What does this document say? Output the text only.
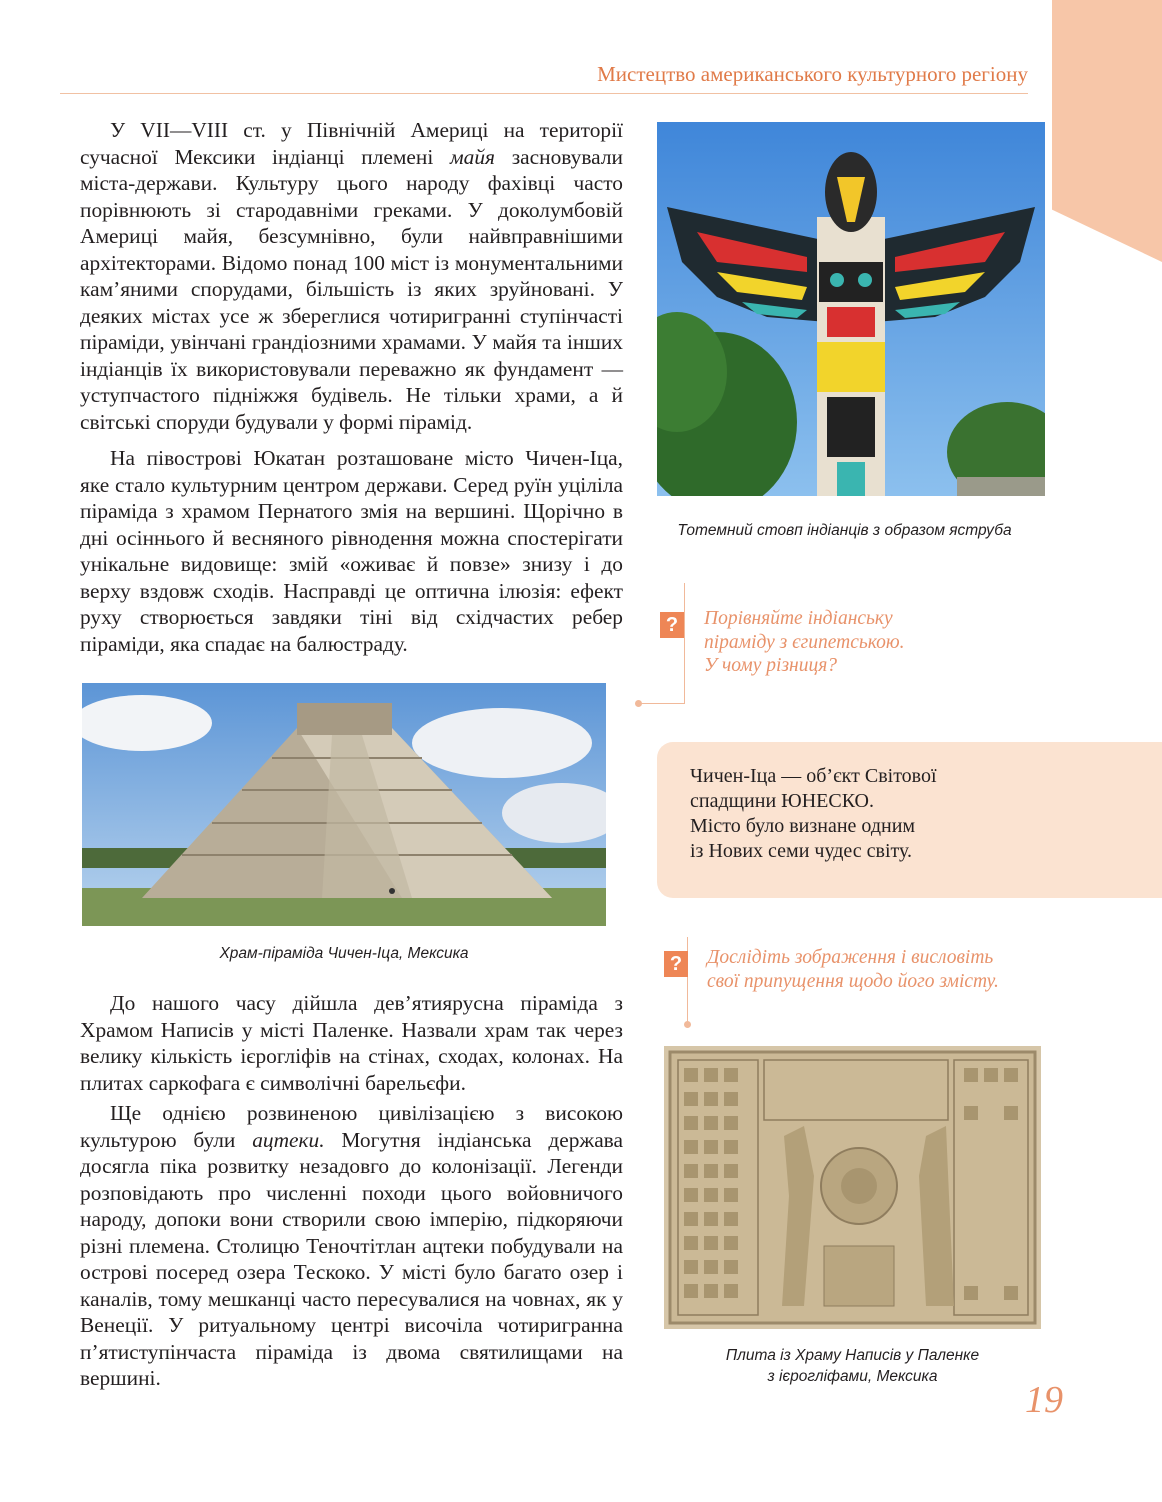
Мистецтво американського культурного регіону

У VII—VIII ст. у Північній Америці на території сучасної Мексики індіанці племені майя засновували міста-держави. Культуру цього народу фахівці часто порівнюють зі стародавніми греками. У доколумбовій Америці майя, безсумнівно, були найвправнішими архітекторами. Відомо понад 100 міст із монументальними кам’яними спорудами, більшість із яких зруйновані. У деяких містах усе ж збереглися чотиригранні ступінчасті піраміди, увінчані грандіозними храмами. У майя та інших індіанців їх використовували переважно як фундамент — уступчастого підніжжя будівель. Не тільки храми, а й світські споруди будували у формі пірамід.

На півострові Юкатан розташоване місто Чичен-Іца, яке стало культурним центром держави. Серед руїн уціліла піраміда з храмом Пернатого змія на вершині. Щорічно в дні осіннього й весняного рівнодення можна спостерігати унікальне видовище: змій «оживає й повзе» знизу і до верху вздовж сходів. Насправді це оптична ілюзія: ефект руху створюється завдяки тіні від східчастих ребер піраміди, яка спадає на балюстраду.

До нашого часу дійшла дев’ятиярусна піраміда з Храмом Написів у місті Паленке. Назвали храм так через велику кількість ієрогліфів на стінах, сходах, колонах. На плитах саркофага є символічні барельєфи.

Ще однією розвиненою цивілізацією з високою культурою були ацтеки. Могутня індіанська держава досягла піка розвитку незадовго до колонізації. Легенди розповідають про численні походи цього войовничого народу, допоки вони створили свою імперію, підкоряючи різні племена. Столицю Теночтітлан ацтеки побудували на острові посеред озера Тескоко. У місті було багато озер і каналів, тому мешканці часто пересувалися на човнах, як у Венеції. У ритуальному центрі височіла чотиригранна п’ятиступінчаста піраміда із двома святилищами на вершині.

Тотемний стовп індіанців з образом яструба
?	Порівняйте індіанську
піраміду з єгипетською.
У чому різниця?
Чичен-Іца — об’єкт Світової
спадщини ЮНЕСКО.
Місто було визнане одним
із Нових семи чудес світу.
Храм-піраміда Чичен-Іца, Мексика	?	Дослідіть зображення і висловіть
свої припущення щодо його змісту.
Плита із Храму Написів у Паленке
з ієрогліфами, Мексика
19
